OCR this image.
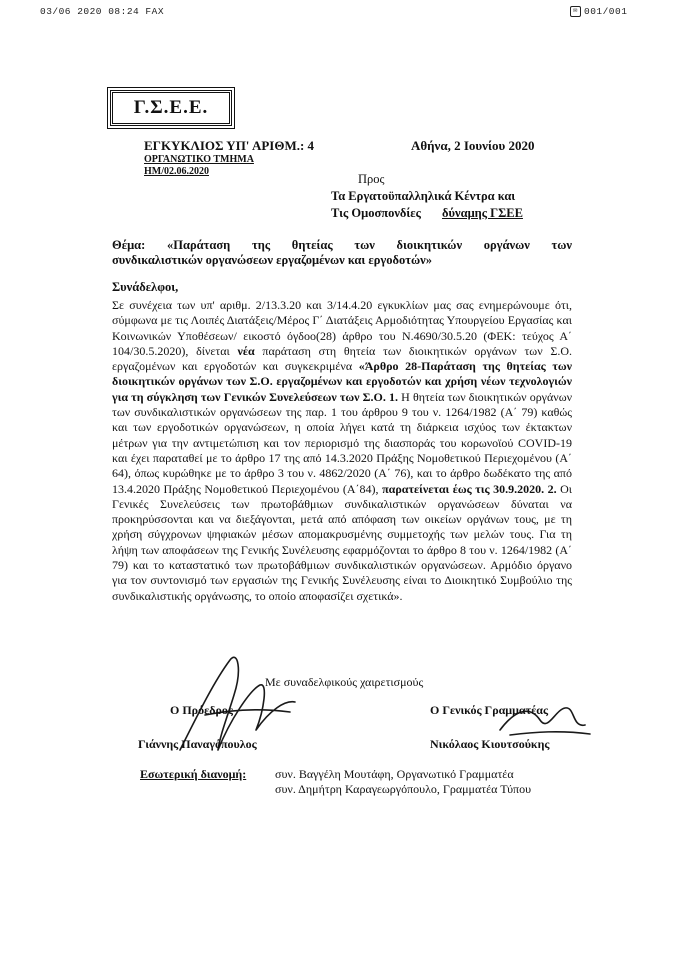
03/06 2020 08:24 FAX	✉ 001/001
Γ.Σ.Ε.Ε.
ΕΓΚΥΚΛΙΟΣ ΥΠ' ΑΡΙΘΜ.: 4
ΟΡΓΑΝΩΤΙΚΟ ΤΜΗΜΑ
ΗΜ/02.06.2020
Αθήνα, 2 Ιουνίου 2020
Προς
Τα Εργατοϋπαλληλικά Κέντρα και
Τις Ομοσπονδίες δύναμης ΓΣΕΕ
Θέμα: «Παράταση της θητείας των διοικητικών οργάνων των
συνδικαλιστικών οργανώσεων εργαζομένων και εργοδοτών»
Συνάδελφοι,

Σε συνέχεια των υπ' αριθμ. 2/13.3.20 και 3/14.4.20 εγκυκλίων μας σας ενημερώνουμε ότι, σύμφωνα με τις Λοιπές Διατάξεις/Μέρος Γ΄ Διατάξεις Αρμοδιότητας Υπουργείου Εργασίας και Κοινωνικών Υποθέσεων/ εικοστό όγδοο(28) άρθρο του Ν.4690/30.5.20 (ΦΕΚ: τεύχος Α΄ 104/30.5.2020), δίνεται νέα παράταση στη θητεία των διοικητικών οργάνων των Σ.Ο. εργαζομένων και εργοδοτών και συγκεκριμένα «Άρθρο 28-Παράταση της θητείας των διοικητικών οργάνων των Σ.Ο. εργαζομένων και εργοδοτών και χρήση νέων τεχνολογιών για τη σύγκληση των Γενικών Συνελεύσεων των Σ.Ο. 1. Η θητεία των διοικητικών οργάνων των συνδικαλιστικών οργανώσεων της παρ. 1 του άρθρου 9 του ν. 1264/1982 (Α΄ 79) καθώς και των εργοδοτικών οργανώσεων, η οποία λήγει κατά τη διάρκεια ισχύος των έκτακτων μέτρων για την αντιμετώπιση και τον περιορισμό της διασποράς του κορωνοϊού COVID-19 και έχει παραταθεί με το άρθρο 17 της από 14.3.2020 Πράξης Νομοθετικού Περιεχομένου (Α΄ 64), όπως κυρώθηκε με το άρθρο 3 του ν. 4862/2020 (Α΄ 76), και το άρθρο δωδέκατο της από 13.4.2020 Πράξης Νομοθετικού Περιεχομένου (Α΄84), παρατείνεται έως τις 30.9.2020. 2. Οι Γενικές Συνελεύσεις των πρωτοβάθμιων συνδικαλιστικών οργανώσεων δύναται να προκηρύσσονται και να διεξάγονται, μετά από απόφαση των οικείων οργάνων τους, με τη χρήση σύγχρονων ψηφιακών μέσων απομακρυσμένης συμμετοχής των μελών τους. Για τη λήψη των αποφάσεων της Γενικής Συνέλευσης εφαρμόζονται το άρθρο 8 του ν. 1264/1982 (Α΄ 79) και το καταστατικό των πρωτοβάθμιων συνδικαλιστικών οργανώσεων. Αρμόδιο όργανο για τον συντονισμό των εργασιών της Γενικής Συνέλευσης είναι το Διοικητικό Συμβούλιο της συνδικαλιστικής οργάνωσης, το οποίο αποφασίζει σχετικά».

Με συναδελφικούς χαιρετισμούς
Ο Πρόεδρος
Γιάννης Παναγόπουλος
Ο Γενικός Γραμματέας
Νικόλαος Κιουτσούκης
Εσωτερική διανομή: συν. Βαγγέλη Μουτάφη, Οργανωτικό Γραμματέα
συν. Δημήτρη Καραγεωργόπουλο, Γραμματέα Τύπου
